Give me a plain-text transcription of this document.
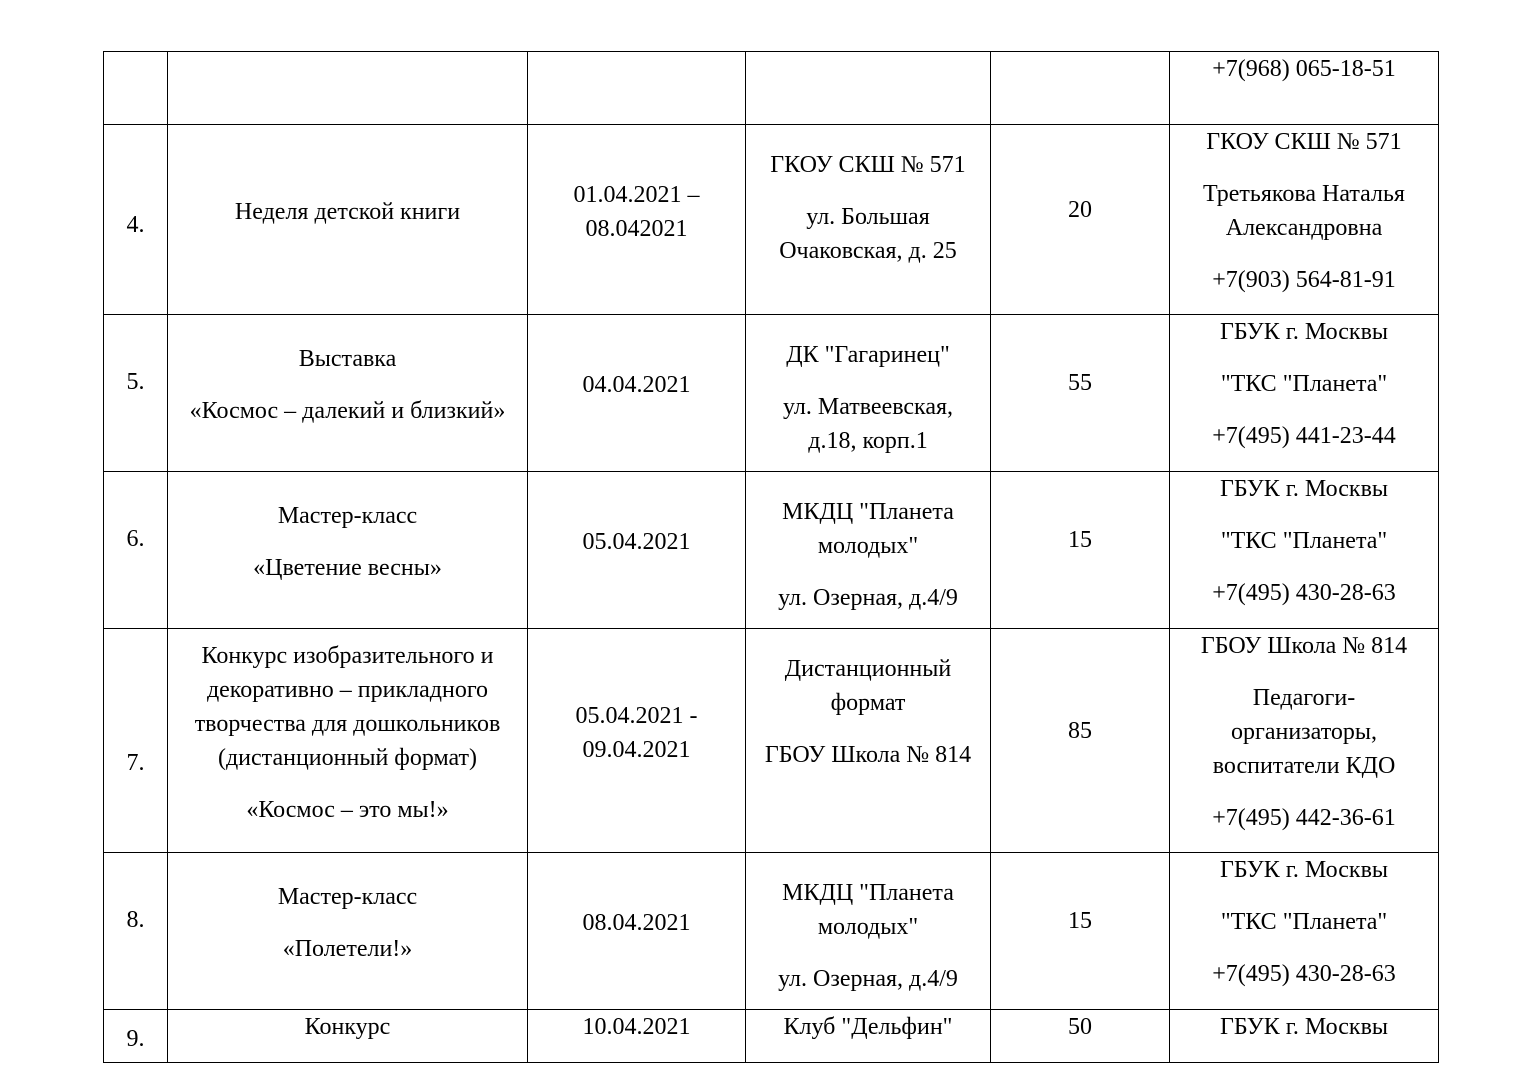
					+7(968) 065-18-51

4.	Неделя детской книги	01.04.2021 –
08.042021	ГКОУ СКШ № 571
ул. Большая
Очаковская, д. 25	20	ГКОУ СКШ № 571
Третьякова Наталья
Александровна
+7(903) 564-81-91

5.	Выставка
«Космос – далекий и близкий»	04.04.2021	ДК "Гагаринец"
ул. Матвеевская,
д.18, корп.1	55	ГБУК г. Москвы
"ТКС "Планета"
+7(495) 441-23-44

6.	Мастер-класс
«Цветение весны»	05.04.2021	МКДЦ "Планета
молодых"
ул. Озерная, д.4/9	15	ГБУК г. Москвы
"ТКС "Планета"
+7(495) 430-28-63

7.	Конкурс изобразительного и
декоративно – прикладного
творчества для дошкольников
(дистанционный формат)
«Космос – это мы!»	05.04.2021 -
09.04.2021	Дистанционный
формат
ГБОУ Школа № 814	85	ГБОУ Школа № 814
Педагоги-
организаторы,
воспитатели КДО
+7(495) 442-36-61

8.	Мастер-класс
«Полетели!»	08.04.2021	МКДЦ "Планета
молодых"
ул. Озерная, д.4/9	15	ГБУК г. Москвы
"ТКС "Планета"
+7(495) 430-28-63

9.	Конкурс	10.04.2021	Клуб "Дельфин"	50	ГБУК г. Москвы
